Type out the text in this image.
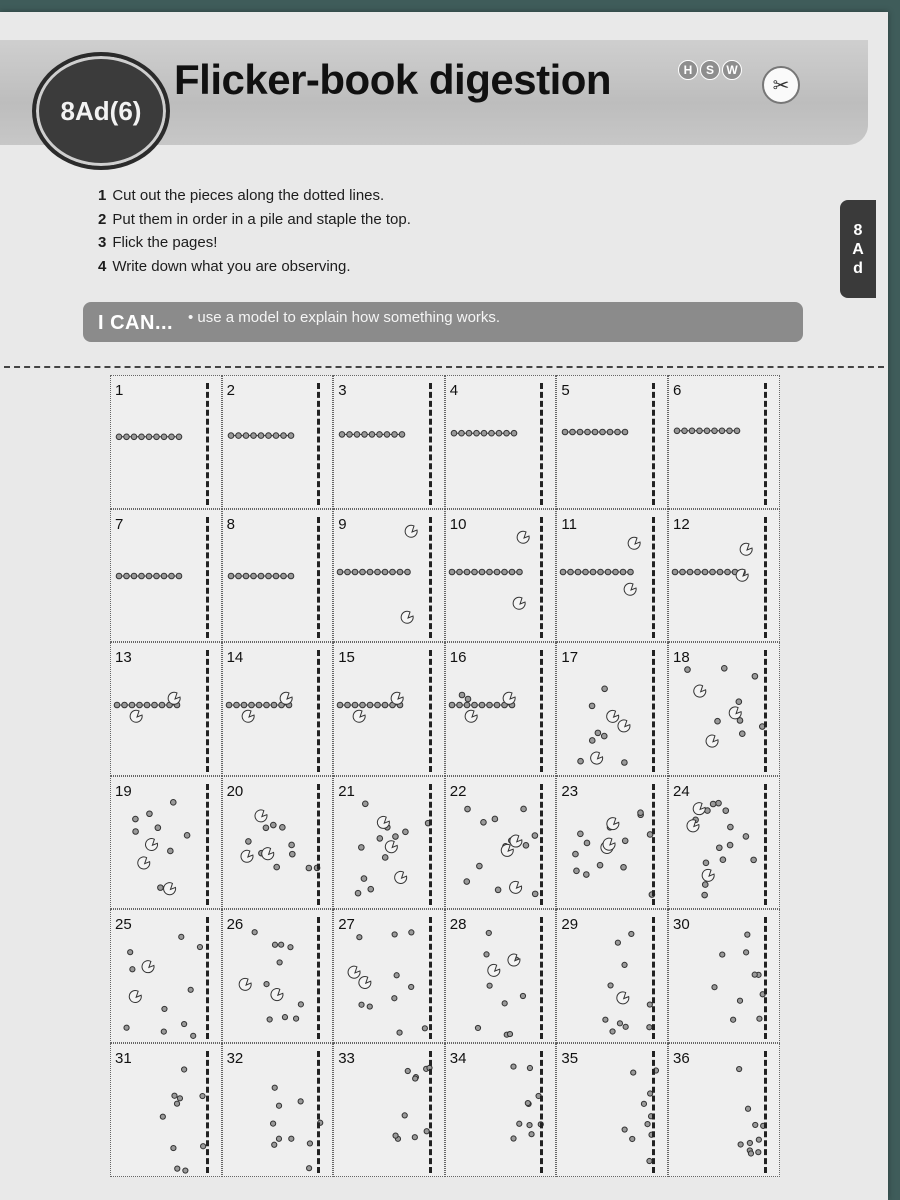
8Ad(6)
Flicker-book digestion	H	S	W
✂
1 Cut out the pieces along the dotted lines.
2 Put them in order in a pile and staple the top.
3 Flick the pages!
4 Write down what you are observing.
8
A
d
I CAN... • use a model to explain how something works.
1	2	3	4	5	6
7	8	9	10	11	12
13	14	15	16	17	18
19	20	21	22	23	24
25	26	27	28	29	30
31	32	33	34	35	36
